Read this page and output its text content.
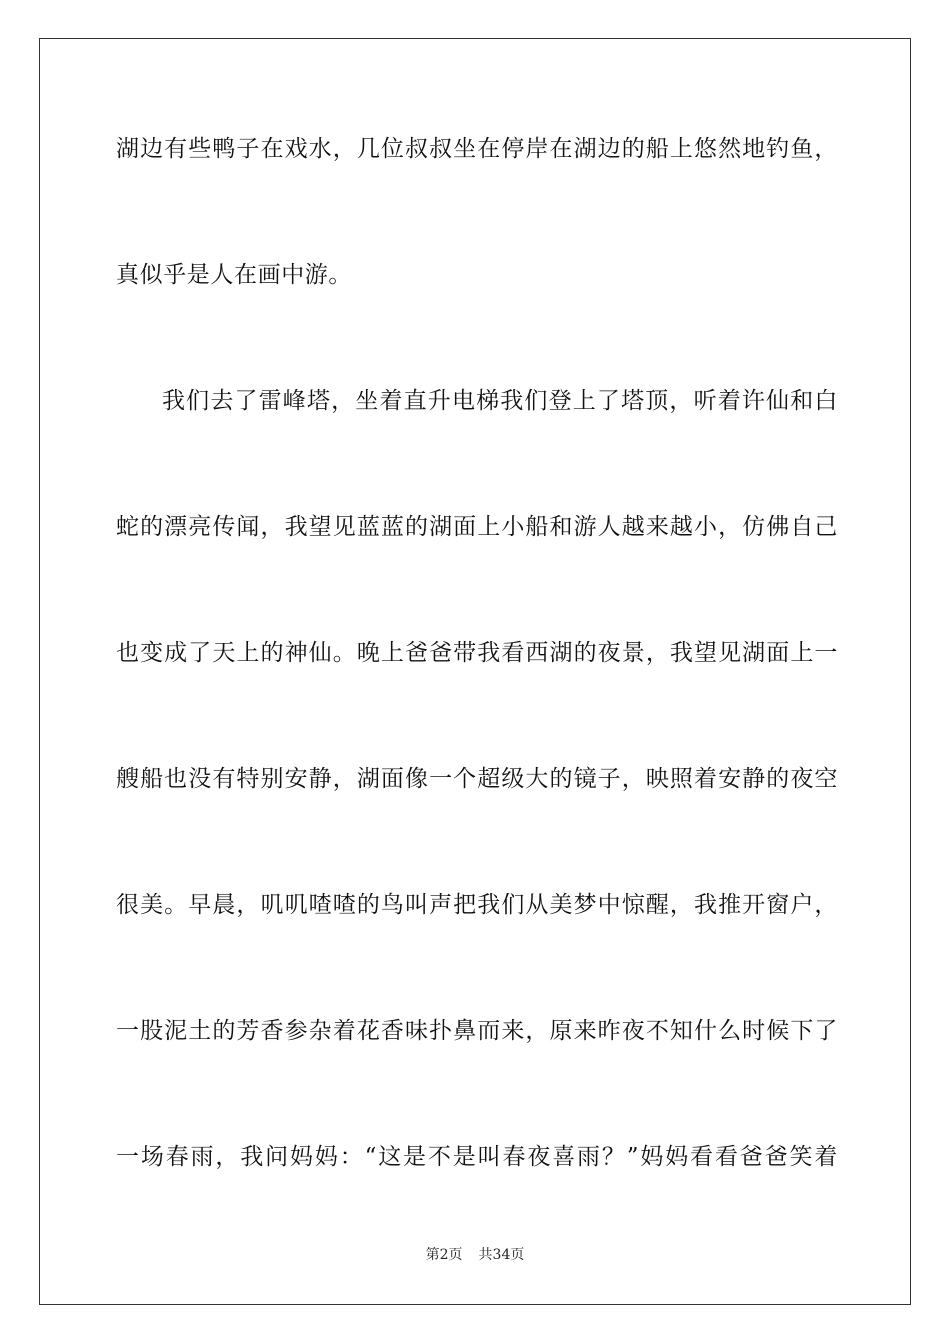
湖边有些鸭子在戏水，几位叔叔坐在停岸在湖边的船上悠然地钓鱼，
真似乎是人在画中游。
我们去了雷峰塔，坐着直升电梯我们登上了塔顶，听着许仙和白
蛇的漂亮传闻，我望见蓝蓝的湖面上小船和游人越来越小，仿佛自己
也变成了天上的神仙。晚上爸爸带我看西湖的夜景，我望见湖面上一
艘船也没有特别安静，湖面像一个超级大的镜子，映照着安静的夜空
很美。早晨，叽叽喳喳的鸟叫声把我们从美梦中惊醒，我推开窗户，
一股泥土的芳香参杂着花香味扑鼻而来，原来昨夜不知什么时候下了
一场春雨，我问妈妈：“这是不是叫春夜喜雨？”妈妈看看爸爸笑着
第2页 共34页
